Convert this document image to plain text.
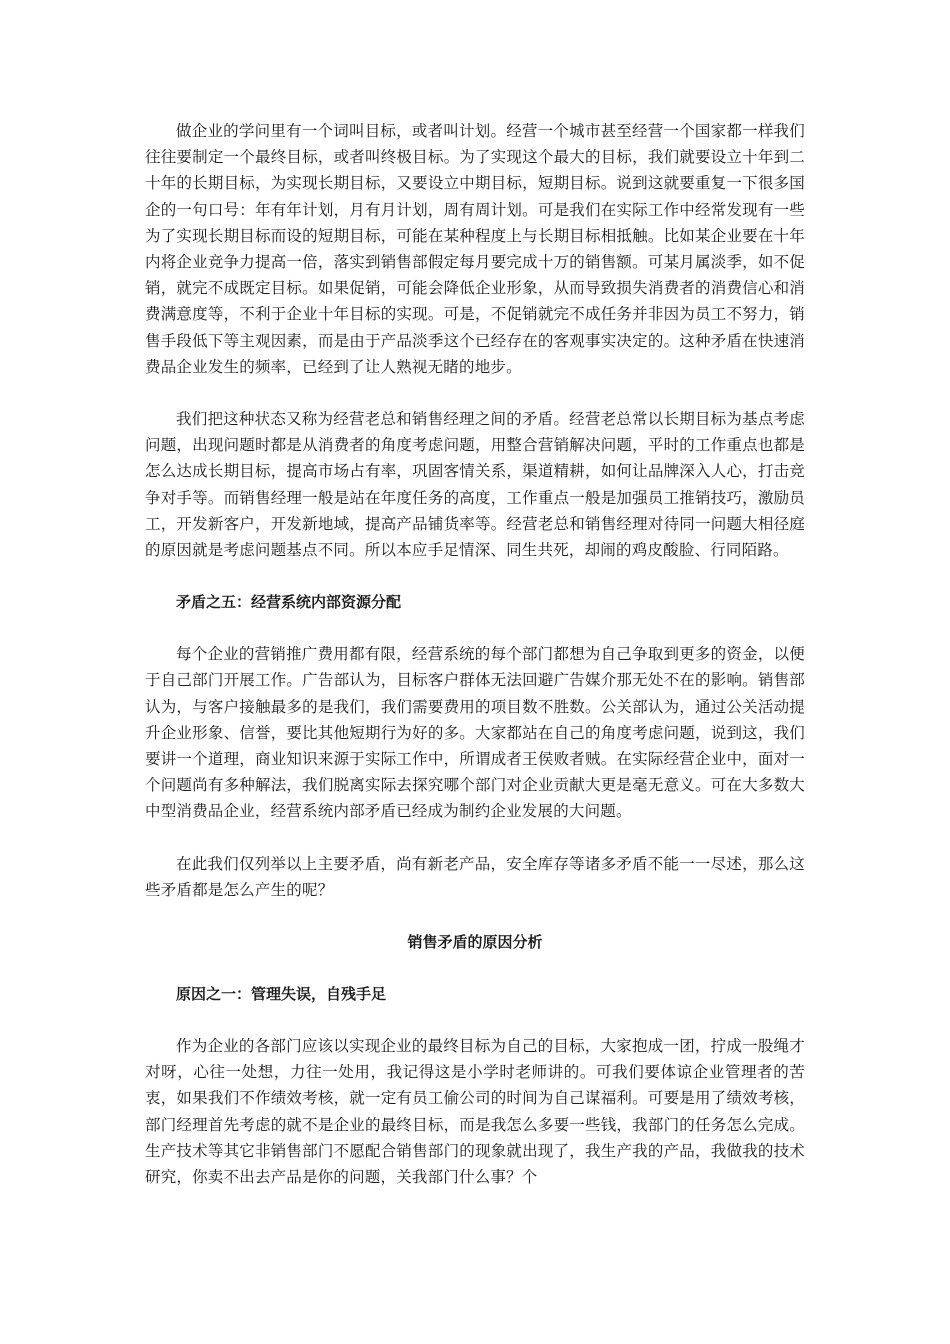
做企业的学问里有一个词叫目标，或者叫计划。经营一个城市甚至经营一个国家都一样我们往往要制定一个最终目标，或者叫终极目标。为了实现这个最大的目标，我们就要设立十年到二十年的长期目标，为实现长期目标，又要设立中期目标，短期目标。说到这就要重复一下很多国企的一句口号：年有年计划，月有月计划，周有周计划。可是我们在实际工作中经常发现有一些为了实现长期目标而设的短期目标，可能在某种程度上与长期目标相抵触。比如某企业要在十年内将企业竞争力提高一倍，落实到销售部假定每月要完成十万的销售额。可某月属淡季，如不促销，就完不成既定目标。如果促销，可能会降低企业形象，从而导致损失消费者的消费信心和消费满意度等，不利于企业十年目标的实现。可是，不促销就完不成任务并非因为员工不努力，销售手段低下等主观因素，而是由于产品淡季这个已经存在的客观事实决定的。这种矛盾在快速消费品企业发生的频率，已经到了让人熟视无睹的地步。

我们把这种状态又称为经营老总和销售经理之间的矛盾。经营老总常以长期目标为基点考虑问题，出现问题时都是从消费者的角度考虑问题，用整合营销解决问题，平时的工作重点也都是怎么达成长期目标，提高市场占有率，巩固客情关系，渠道精耕，如何让品牌深入人心，打击竞争对手等。而销售经理一般是站在年度任务的高度，工作重点一般是加强员工推销技巧，激励员工，开发新客户，开发新地域，提高产品铺货率等。经营老总和销售经理对待同一问题大相径庭的原因就是考虑问题基点不同。所以本应手足情深、同生共死，却闹的鸡皮酸脸、行同陌路。

矛盾之五：经营系统内部资源分配

每个企业的营销推广费用都有限，经营系统的每个部门都想为自己争取到更多的资金，以便于自己部门开展工作。广告部认为，目标客户群体无法回避广告媒介那无处不在的影响。销售部认为，与客户接触最多的是我们，我们需要费用的项目数不胜数。公关部认为，通过公关活动提升企业形象、信誉，要比其他短期行为好的多。大家都站在自己的角度考虑问题，说到这，我们要讲一个道理，商业知识来源于实际工作中，所谓成者王侯败者贼。在实际经营企业中，面对一个问题尚有多种解法，我们脱离实际去探究哪个部门对企业贡献大更是毫无意义。可在大多数大中型消费品企业，经营系统内部矛盾已经成为制约企业发展的大问题。

在此我们仅列举以上主要矛盾，尚有新老产品，安全库存等诸多矛盾不能一一尽述，那么这些矛盾都是怎么产生的呢？

销售矛盾的原因分析

原因之一：管理失误，自残手足

作为企业的各部门应该以实现企业的最终目标为自己的目标，大家抱成一团，拧成一股绳才对呀，心往一处想，力往一处用，我记得这是小学时老师讲的。可我们要体谅企业管理者的苦衷，如果我们不作绩效考核，就一定有员工偷公司的时间为自己谋福利。可要是用了绩效考核，部门经理首先考虑的就不是企业的最终目标，而是我怎么多要一些钱，我部门的任务怎么完成。生产技术等其它非销售部门不愿配合销售部门的现象就出现了，我生产我的产品，我做我的技术研究，你卖不出去产品是你的问题，关我部门什么事？个
